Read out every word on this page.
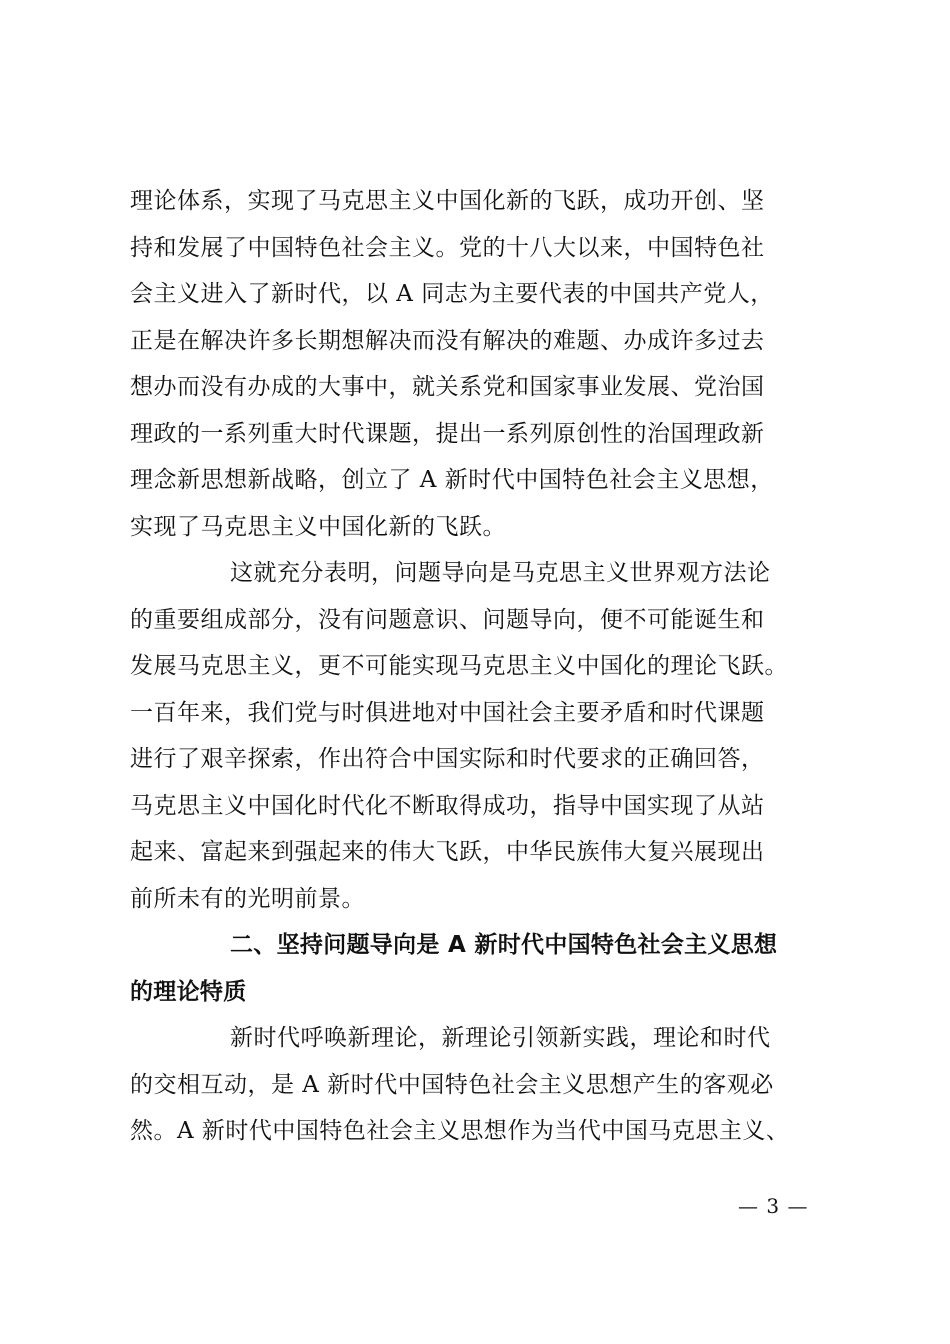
理论体系，实现了马克思主义中国化新的飞跃，成功开创、坚
持和发展了中国特色社会主义。党的十八大以来，中国特色社
会主义进入了新时代，以 A 同志为主要代表的中国共产党人，
正是在解决许多长期想解决而没有解决的难题、办成许多过去
想办而没有办成的大事中，就关系党和国家事业发展、党治国
理政的一系列重大时代课题，提出一系列原创性的治国理政新
理念新思想新战略，创立了 A 新时代中国特色社会主义思想，
实现了马克思主义中国化新的飞跃。

这就充分表明，问题导向是马克思主义世界观方法论
的重要组成部分，没有问题意识、问题导向，便不可能诞生和
发展马克思主义，更不可能实现马克思主义中国化的理论飞跃。
一百年来，我们党与时俱进地对中国社会主要矛盾和时代课题
进行了艰辛探索，作出符合中国实际和时代要求的正确回答，
马克思主义中国化时代化不断取得成功，指导中国实现了从站
起来、富起来到强起来的伟大飞跃，中华民族伟大复兴展现出
前所未有的光明前景。

二、坚持问题导向是 A 新时代中国特色社会主义思想
的理论特质

新时代呼唤新理论，新理论引领新实践，理论和时代
的交相互动，是 A 新时代中国特色社会主义思想产生的客观必
然。A 新时代中国特色社会主义思想作为当代中国马克思主义、

— 3 —
